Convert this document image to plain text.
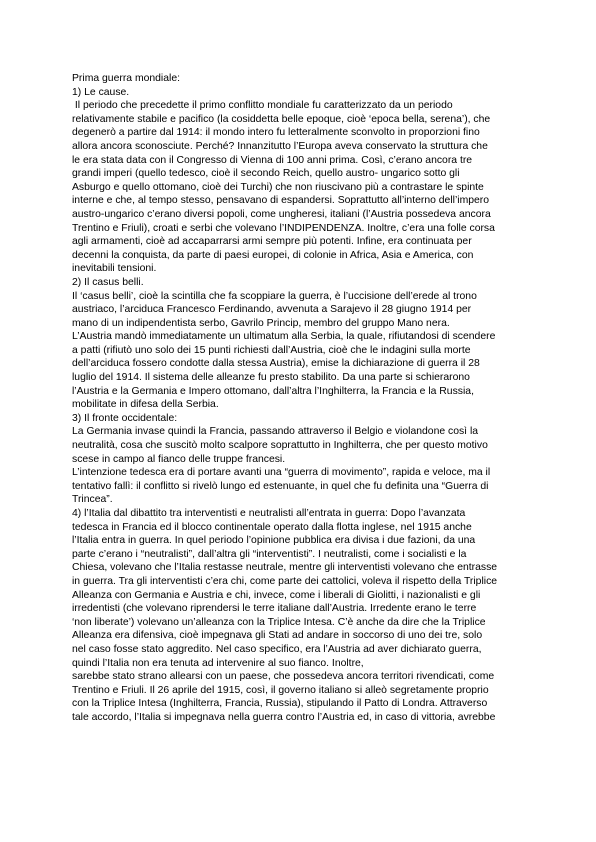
Prima guerra mondiale:
1) Le cause.
Il periodo che precedette il primo conflitto mondiale fu caratterizzato da un periodo
relativamente stabile e pacifico (la cosiddetta belle epoque, cioè ‘epoca bella, serena’), che
degenerò a partire dal 1914: il mondo intero fu letteralmente sconvolto in proporzioni fino
allora ancora sconosciute. Perché? Innanzitutto l’Europa aveva conservato la struttura che
le era stata data con il Congresso di Vienna di 100 anni prima. Così, c’erano ancora tre
grandi imperi (quello tedesco, cioè il secondo Reich, quello austro- ungarico sotto gli
Asburgo e quello ottomano, cioè dei Turchi) che non riuscivano più a contrastare le spinte
interne e che, al tempo stesso, pensavano di espandersi. Soprattutto all’interno dell’impero
austro-ungarico c’erano diversi popoli, come ungheresi, italiani (l’Austria possedeva ancora
Trentino e Friuli), croati e serbi che volevano l’INDIPENDENZA. Inoltre, c’era una folle corsa
agli armamenti, cioè ad accaparrarsi armi sempre più potenti. Infine, era continuata per
decenni la conquista, da parte di paesi europei, di colonie in Africa, Asia e America, con
inevitabili tensioni.
2) Il casus belli.
Il ‘casus belli’, cioè la scintilla che fa scoppiare la guerra, è l’uccisione dell’erede al trono
austriaco, l’arciduca Francesco Ferdinando, avvenuta a Sarajevo il 28 giugno 1914 per
mano di un indipendentista serbo, Gavrilo Princip, membro del gruppo Mano nera.
L’Austria mandò immediatamente un ultimatum alla Serbia, la quale, rifiutandosi di scendere
a patti (rifiutò uno solo dei 15 punti richiesti dall’Austria, cioè che le indagini sulla morte
dell’arciduca fossero condotte dalla stessa Austria), emise la dichiarazione di guerra il 28
luglio del 1914. Il sistema delle alleanze fu presto stabilito. Da una parte si schierarono
l’Austria e la Germania e Impero ottomano, dall’altra l’Inghilterra, la Francia e la Russia,
mobilitate in difesa della Serbia.
3) Il fronte occidentale:
La Germania invase quindi la Francia, passando attraverso il Belgio e violandone così la
neutralità, cosa che suscitò molto scalpore soprattutto in Inghilterra, che per questo motivo
scese in campo al fianco delle truppe francesi.
L’intenzione tedesca era di portare avanti una “guerra di movimento”, rapida e veloce, ma il
tentativo fallì: il conflitto si rivelò lungo ed estenuante, in quel che fu definita una “Guerra di
Trincea”.
4) l’Italia dal dibattito tra interventisti e neutralisti all’entrata in guerra: Dopo l’avanzata
tedesca in Francia ed il blocco continentale operato dalla flotta inglese, nel 1915 anche
l’Italia entra in guerra. In quel periodo l’opinione pubblica era divisa i due fazioni, da una
parte c’erano i “neutralisti”, dall’altra gli “interventisti”. I neutralisti, come i socialisti e la
Chiesa, volevano che l’Italia restasse neutrale, mentre gli interventisti volevano che entrasse
in guerra. Tra gli interventisti c’era chi, come parte dei cattolici, voleva il rispetto della Triplice
Alleanza con Germania e Austria e chi, invece, come i liberali di Giolitti, i nazionalisti e gli
irredentisti (che volevano riprendersi le terre italiane dall’Austria. Irredente erano le terre
‘non liberate’) volevano un’alleanza con la Triplice Intesa. C’è anche da dire che la Triplice
Alleanza era difensiva, cioè impegnava gli Stati ad andare in soccorso di uno dei tre, solo
nel caso fosse stato aggredito. Nel caso specifico, era l’Austria ad aver dichiarato guerra,
quindi l’Italia non era tenuta ad intervenire al suo fianco. Inoltre,
sarebbe stato strano allearsi con un paese, che possedeva ancora territori rivendicati, come
Trentino e Friuli. Il 26 aprile del 1915, così, il governo italiano si alleò segretamente proprio
con la Triplice Intesa (Inghilterra, Francia, Russia), stipulando il Patto di Londra. Attraverso
tale accordo, l’Italia si impegnava nella guerra contro l’Austria ed, in caso di vittoria, avrebbe
